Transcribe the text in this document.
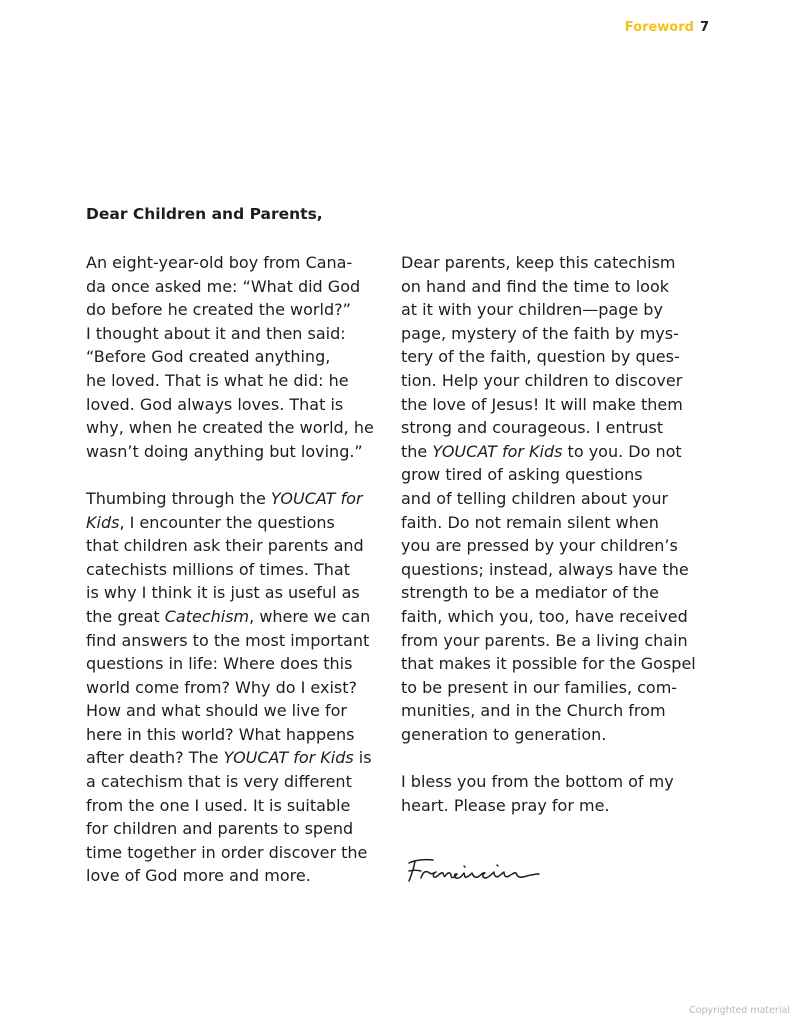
Foreword 7
Dear Children and Parents,
An eight-year-old boy from Cana-
da once asked me: “What did God
do before he created the world?”
I thought about it and then said:
“Before God created anything,
he loved. That is what he did: he
loved. God always loves. That is
why, when he created the world, he
wasn’t doing anything but loving.”
Thumbing through the YOUCAT for
Kids, I encounter the questions
that children ask their parents and
catechists millions of times. That
is why I think it is just as useful as
the great Catechism, where we can
find answers to the most important
questions in life: Where does this
world come from? Why do I exist?
How and what should we live for
here in this world? What happens
after death? The YOUCAT for Kids is
a catechism that is very different
from the one I used. It is suitable
for children and parents to spend
time together in order discover the
love of God more and more.
Dear parents, keep this catechism
on hand and find the time to look
at it with your children—page by
page, mystery of the faith by mys-
tery of the faith, question by ques-
tion. Help your children to discover
the love of Jesus! It will make them
strong and courageous. I entrust
the YOUCAT for Kids to you. Do not
grow tired of asking questions
and of telling children about your
faith. Do not remain silent when
you are pressed by your children’s
questions; instead, always have the
strength to be a mediator of the
faith, which you, too, have received
from your parents. Be a living chain
that makes it possible for the Gospel
to be present in our families, com-
munities, and in the Church from
generation to generation.
I bless you from the bottom of my
heart. Please pray for me.
Copyrighted material
